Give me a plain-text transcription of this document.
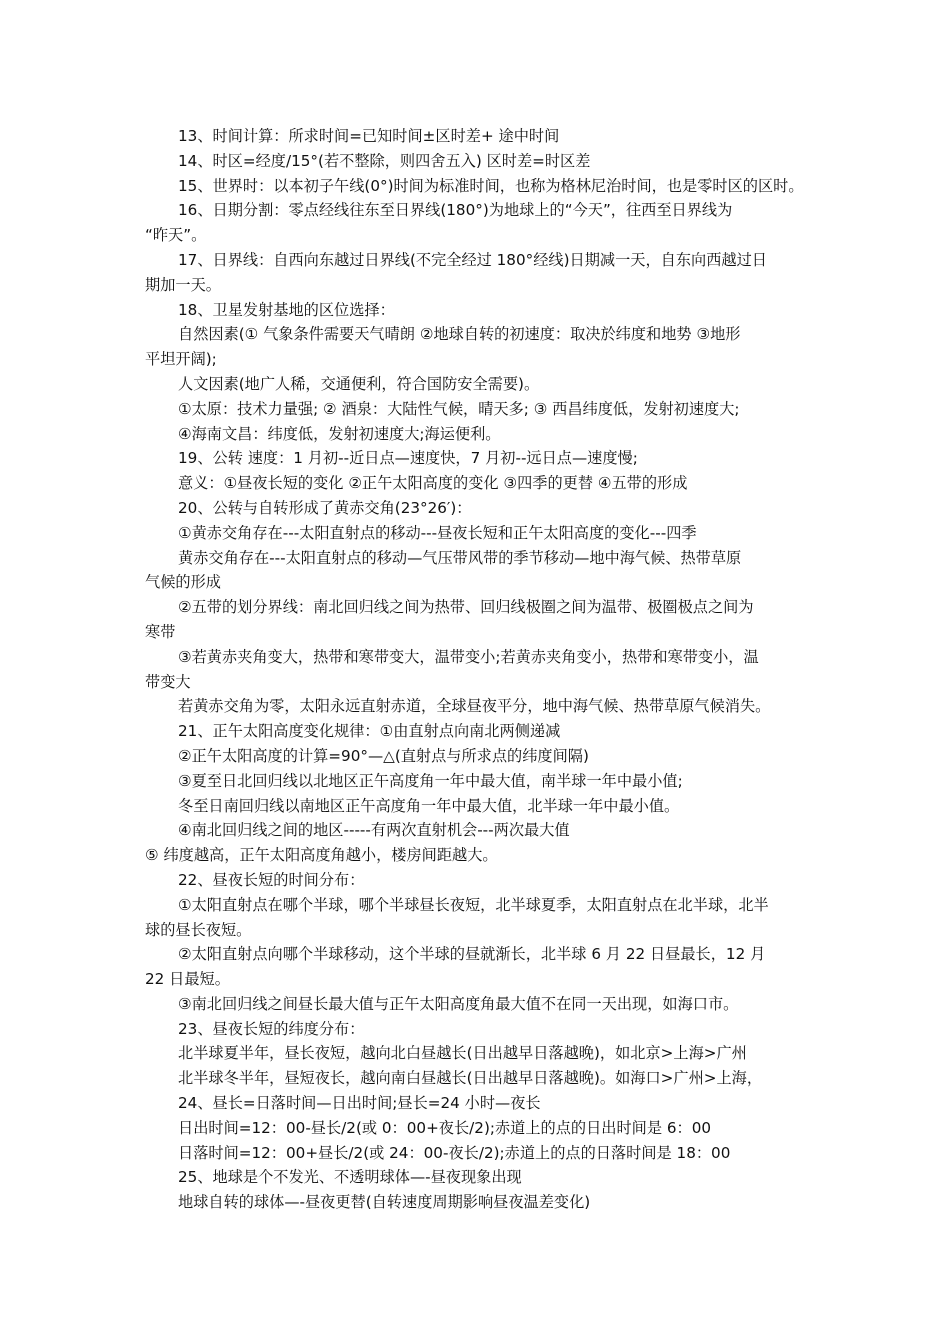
13、时间计算：所求时间=已知时间±区时差+ 途中时间
14、时区=经度/15°(若不整除，则四舍五入) 区时差=时区差
15、世界时：以本初子午线(0°)时间为标准时间，也称为格林尼治时间，也是零时区的区时。
16、日期分割：零点经线往东至日界线(180°)为地球上的“今天”，往西至日界线为
“昨天”。
17、日界线：自西向东越过日界线(不完全经过 180°经线)日期减一天，自东向西越过日
期加一天。
18、卫星发射基地的区位选择：
自然因素(① 气象条件需要天气晴朗 ②地球自转的初速度：取决於纬度和地势 ③地形
平坦开阔);
人文因素(地广人稀，交通便利，符合国防安全需要)。
①太原：技术力量强; ② 酒泉：大陆性气候，晴天多; ③ 西昌纬度低，发射初速度大;
④海南文昌：纬度低，发射初速度大;海运便利。
19、公转 速度：1 月初--近日点—速度快，7 月初--远日点—速度慢;
意义：①昼夜长短的变化 ②正午太阳高度的变化 ③四季的更替 ④五带的形成
20、公转与自转形成了黄赤交角(23°26′)：
①黄赤交角存在---太阳直射点的移动---昼夜长短和正午太阳高度的变化---四季
黄赤交角存在---太阳直射点的移动—气压带风带的季节移动—地中海气候、热带草原
气候的形成
②五带的划分界线：南北回归线之间为热带、回归线极圈之间为温带、极圈极点之间为
寒带
③若黄赤夹角变大，热带和寒带变大，温带变小;若黄赤夹角变小，热带和寒带变小，温
带变大
若黄赤交角为零，太阳永远直射赤道，全球昼夜平分，地中海气候、热带草原气候消失。
21、正午太阳高度变化规律：①由直射点向南北两侧递减
②正午太阳高度的计算=90°—△(直射点与所求点的纬度间隔)
③夏至日北回归线以北地区正午高度角一年中最大值，南半球一年中最小值;
冬至日南回归线以南地区正午高度角一年中最大值，北半球一年中最小值。
④南北回归线之间的地区-----有两次直射机会---两次最大值
⑤ 纬度越高，正午太阳高度角越小，楼房间距越大。
22、昼夜长短的时间分布：
①太阳直射点在哪个半球，哪个半球昼长夜短，北半球夏季，太阳直射点在北半球，北半
球的昼长夜短。
②太阳直射点向哪个半球移动，这个半球的昼就渐长，北半球 6 月 22 日昼最长，12 月
22 日最短。
③南北回归线之间昼长最大值与正午太阳高度角最大值不在同一天出现，如海口市。
23、昼夜长短的纬度分布：
北半球夏半年，昼长夜短，越向北白昼越长(日出越早日落越晚)，如北京>上海>广州
北半球冬半年，昼短夜长，越向南白昼越长(日出越早日落越晚)。如海口>广州>上海，
24、昼长=日落时间—日出时间;昼长=24 小时—夜长
日出时间=12：00-昼长/2(或 0：00+夜长/2);赤道上的点的日出时间是 6：00
日落时间=12：00+昼长/2(或 24：00-夜长/2);赤道上的点的日落时间是 18：00
25、地球是个不发光、不透明球体—-昼夜现象出现
地球自转的球体—-昼夜更替(自转速度周期影响昼夜温差变化)
